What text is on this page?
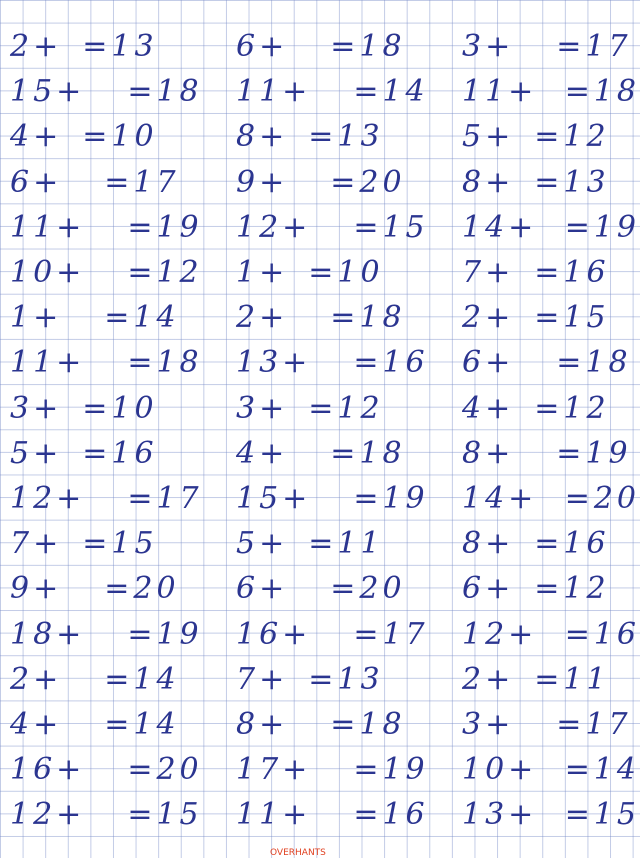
2+ =13	6+ =18	3+ =17
15+ =18	11+ =14	11+ =18
4+ =10	8+ =13	5+ =12
6+ =17	9+ =20	8+ =13
11+ =19	12+ =15	14+ =19
10+ =12	1+ =10	7+ =16
1+ =14	2+ =18	2+ =15
11+ =18	13+ =16	6+ =18
3+ =10	3+ =12	4+ =12
5+ =16	4+ =18	8+ =19
12+ =17	15+ =19	14+ =20
7+ =15	5+ =11	8+ =16
9+ =20	6+ =20	6+ =12
18+ =19	16+ =17	12+ =16
2+ =14	7+ =13	2+ =11
4+ =14	8+ =18	3+ =17
16+ =20	17+ =19	10+ =14
12+ =15	11+ =16	13+ =15
OVERHANTS
